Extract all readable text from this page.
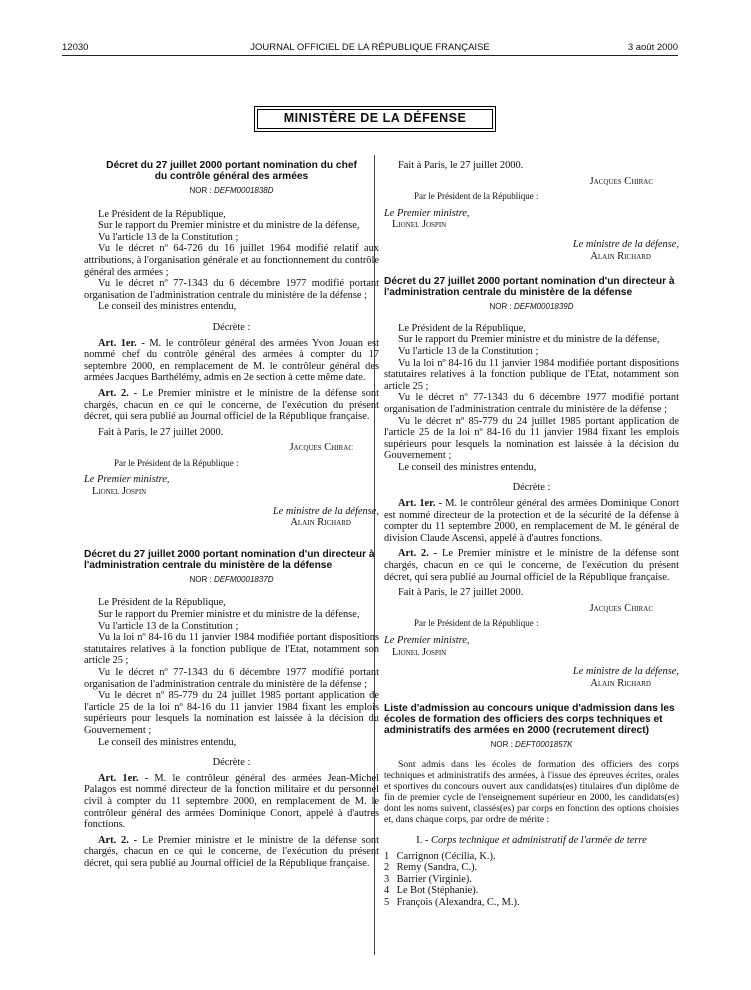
12030	JOURNAL OFFICIEL DE LA RÉPUBLIQUE FRANÇAISE	3 août 2000
MINISTÈRE DE LA DÉFENSE
Décret du 27 juillet 2000 portant nomination du chef du contrôle général des armées
NOR : DEFM0001838D

Le Président de la République,

Sur le rapport du Premier ministre et du ministre de la défense,

Vu l'article 13 de la Constitution ;

Vu le décret nº 64-726 du 16 juillet 1964 modifié relatif aux attributions, à l'organisation générale et au fonctionnement du contrôle général des armées ;

Vu le décret nº 77-1343 du 6 décembre 1977 modifié portant organisation de l'administration centrale du ministère de la défense ;

Le conseil des ministres entendu,

Décrète :

Art. 1er. - M. le contrôleur général des armées Yvon Jouan est nommé chef du contrôle général des armées à compter du 17 septembre 2000, en remplacement de M. le contrôleur général des armées Jacques Barthélémy, admis en 2e section à cette même date.

Art. 2. - Le Premier ministre et le ministre de la défense sont chargés, chacun en ce qui le concerne, de l'exécution du présent décret, qui sera publié au Journal officiel de la République française.

Fait à Paris, le 27 juillet 2000.

Jacques Chirac
Par le Président de la République :
Le Premier ministre,
Lionel Jospin
Le ministre de la défense,
Alain Richard
Décret du 27 juillet 2000 portant nomination d'un directeur à l'administration centrale du ministère de la défense
NOR : DEFM0001837D

Le Président de la République,

Sur le rapport du Premier ministre et du ministre de la défense,

Vu l'article 13 de la Constitution ;

Vu la loi nº 84-16 du 11 janvier 1984 modifiée portant dispositions statutaires relatives à la fonction publique de l'Etat, notamment son article 25 ;

Vu le décret nº 77-1343 du 6 décembre 1977 modifié portant organisation de l'administration centrale du ministère de la défense ;

Vu le décret nº 85-779 du 24 juillet 1985 portant application de l'article 25 de la loi nº 84-16 du 11 janvier 1984 fixant les emplois supérieurs pour lesquels la nomination est laissée à la décision du Gouvernement ;

Le conseil des ministres entendu,

Décrète :

Art. 1er. - M. le contrôleur général des armées Jean-Michel Palagos est nommé directeur de la fonction militaire et du personnel civil à compter du 11 septembre 2000, en remplacement de M. le contrôleur général des armées Dominique Conort, appelé à d'autres fonctions.

Art. 2. - Le Premier ministre et le ministre de la défense sont chargés, chacun en ce qui le concerne, de l'exécution du présent décret, qui sera publié au Journal officiel de la République française.

Fait à Paris, le 27 juillet 2000.

Jacques Chirac
Par le Président de la République :
Le Premier ministre,
Lionel Jospin
Le ministre de la défense,
Alain Richard
Décret du 27 juillet 2000 portant nomination d'un directeur à l'administration centrale du ministère de la défense
NOR : DEFM0001839D

Le Président de la République,

Sur le rapport du Premier ministre et du ministre de la défense,

Vu l'article 13 de la Constitution ;

Vu la loi nº 84-16 du 11 janvier 1984 modifiée portant dispositions statutaires relatives à la fonction publique de l'Etat, notamment son article 25 ;

Vu le décret nº 77-1343 du 6 décembre 1977 modifié portant organisation de l'administration centrale du ministère de la défense ;

Vu le décret nº 85-779 du 24 juillet 1985 portant application de l'article 25 de la loi nº 84-16 du 11 janvier 1984 fixant les emplois supérieurs pour lesquels la nomination est laissée à la décision du Gouvernement ;

Le conseil des ministres entendu,

Décrète :

Art. 1er. - M. le contrôleur général des armées Dominique Conort est nommé directeur de la protection et de la sécurité de la défense à compter du 11 septembre 2000, en remplacement de M. le général de division Claude Ascensi, appelé à d'autres fonctions.

Art. 2. - Le Premier ministre et le ministre de la défense sont chargés, chacun en ce qui le concerne, de l'exécution du présent décret, qui sera publié au Journal officiel de la République française.

Fait à Paris, le 27 juillet 2000.

Jacques Chirac
Par le Président de la République :
Le Premier ministre,
Lionel Jospin
Le ministre de la défense,
Alain Richard
Liste d'admission au concours unique d'admission dans les écoles de formation des officiers des corps techniques et administratifs des armées en 2000 (recrutement direct)
NOR : DEFT0001857K

Sont admis dans les écoles de formation des officiers des corps techniques et administratifs des armées, à l'issue des épreuves écrites, orales et sportives du concours ouvert aux candidats(es) titulaires d'un diplôme de fin de premier cycle de l'enseignement supérieur en 2000, les candidats(es) dont les noms suivent, classés(es) par corps en fonction des options choisies et, dans chaque corps, par ordre de mérite :

I. - Corps technique et administratif de l'armée de terre
1 Carrignon (Cécilia, K.).
2 Remy (Sandra, C.).
3 Barrier (Virginie).
4 Le Bot (Stéphanie).
5 François (Alexandra, C., M.).
